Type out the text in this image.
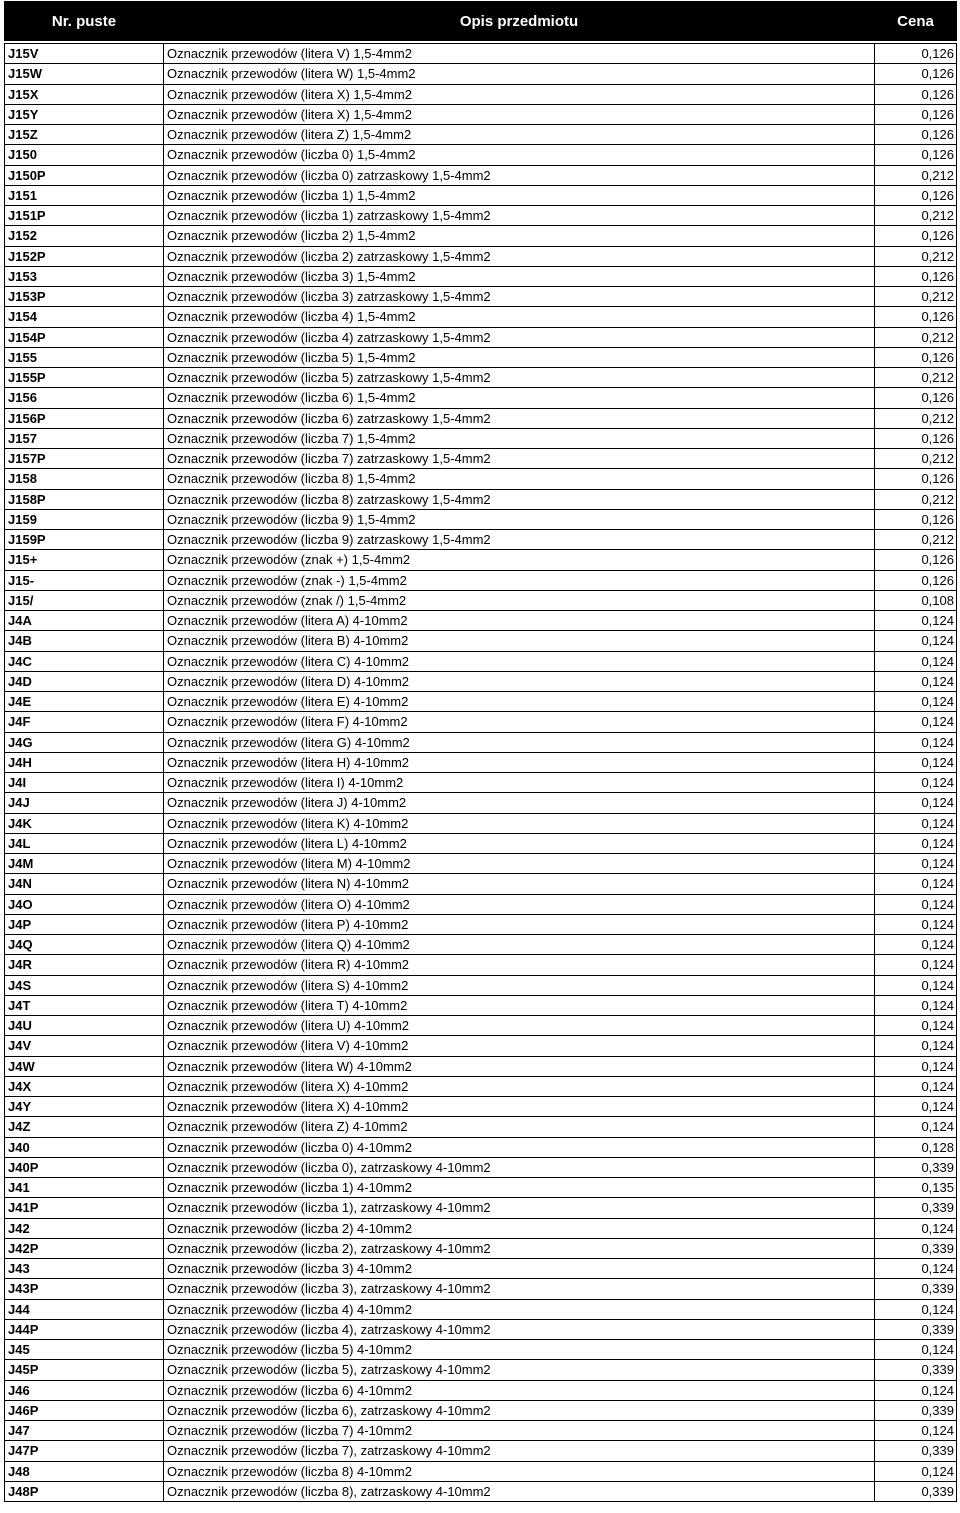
Nr. puste	Opis przedmiotu	Cena

J15V	Oznacznik przewodów (litera V) 1,5-4mm2	0,126
J15W	Oznacznik przewodów (litera W) 1,5-4mm2	0,126
J15X	Oznacznik przewodów (litera X) 1,5-4mm2	0,126
J15Y	Oznacznik przewodów (litera X) 1,5-4mm2	0,126
J15Z	Oznacznik przewodów (litera Z) 1,5-4mm2	0,126
J150	Oznacznik przewodów (liczba 0) 1,5-4mm2	0,126
J150P	Oznacznik przewodów (liczba 0) zatrzaskowy 1,5-4mm2	0,212
J151	Oznacznik przewodów (liczba 1) 1,5-4mm2	0,126
J151P	Oznacznik przewodów (liczba 1) zatrzaskowy 1,5-4mm2	0,212
J152	Oznacznik przewodów (liczba 2) 1,5-4mm2	0,126
J152P	Oznacznik przewodów (liczba 2) zatrzaskowy 1,5-4mm2	0,212
J153	Oznacznik przewodów (liczba 3) 1,5-4mm2	0,126
J153P	Oznacznik przewodów (liczba 3) zatrzaskowy 1,5-4mm2	0,212
J154	Oznacznik przewodów (liczba 4) 1,5-4mm2	0,126
J154P	Oznacznik przewodów (liczba 4) zatrzaskowy 1,5-4mm2	0,212
J155	Oznacznik przewodów (liczba 5) 1,5-4mm2	0,126
J155P	Oznacznik przewodów (liczba 5) zatrzaskowy 1,5-4mm2	0,212
J156	Oznacznik przewodów (liczba 6) 1,5-4mm2	0,126
J156P	Oznacznik przewodów (liczba 6) zatrzaskowy 1,5-4mm2	0,212
J157	Oznacznik przewodów (liczba 7) 1,5-4mm2	0,126
J157P	Oznacznik przewodów (liczba 7) zatrzaskowy 1,5-4mm2	0,212
J158	Oznacznik przewodów (liczba 8) 1,5-4mm2	0,126
J158P	Oznacznik przewodów (liczba 8) zatrzaskowy 1,5-4mm2	0,212
J159	Oznacznik przewodów (liczba 9) 1,5-4mm2	0,126
J159P	Oznacznik przewodów (liczba 9) zatrzaskowy 1,5-4mm2	0,212
J15+	Oznacznik przewodów (znak +) 1,5-4mm2	0,126
J15-	Oznacznik przewodów (znak -) 1,5-4mm2	0,126
J15/	Oznacznik przewodów (znak /) 1,5-4mm2	0,108
J4A	Oznacznik przewodów (litera A) 4-10mm2	0,124
J4B	Oznacznik przewodów (litera B) 4-10mm2	0,124
J4C	Oznacznik przewodów (litera C) 4-10mm2	0,124
J4D	Oznacznik przewodów (litera D) 4-10mm2	0,124
J4E	Oznacznik przewodów (litera E) 4-10mm2	0,124
J4F	Oznacznik przewodów (litera F) 4-10mm2	0,124
J4G	Oznacznik przewodów (litera G) 4-10mm2	0,124
J4H	Oznacznik przewodów (litera H) 4-10mm2	0,124
J4I	Oznacznik przewodów (litera I) 4-10mm2	0,124
J4J	Oznacznik przewodów (litera J) 4-10mm2	0,124
J4K	Oznacznik przewodów (litera K) 4-10mm2	0,124
J4L	Oznacznik przewodów (litera L) 4-10mm2	0,124
J4M	Oznacznik przewodów (litera M) 4-10mm2	0,124
J4N	Oznacznik przewodów (litera N) 4-10mm2	0,124
J4O	Oznacznik przewodów (litera O) 4-10mm2	0,124
J4P	Oznacznik przewodów (litera P) 4-10mm2	0,124
J4Q	Oznacznik przewodów (litera Q) 4-10mm2	0,124
J4R	Oznacznik przewodów (litera R) 4-10mm2	0,124
J4S	Oznacznik przewodów (litera S) 4-10mm2	0,124
J4T	Oznacznik przewodów (litera T) 4-10mm2	0,124
J4U	Oznacznik przewodów (litera U) 4-10mm2	0,124
J4V	Oznacznik przewodów (litera V) 4-10mm2	0,124
J4W	Oznacznik przewodów (litera W) 4-10mm2	0,124
J4X	Oznacznik przewodów (litera X) 4-10mm2	0,124
J4Y	Oznacznik przewodów (litera X) 4-10mm2	0,124
J4Z	Oznacznik przewodów (litera Z) 4-10mm2	0,124
J40	Oznacznik przewodów (liczba 0) 4-10mm2	0,128
J40P	Oznacznik przewodów (liczba 0), zatrzaskowy 4-10mm2	0,339
J41	Oznacznik przewodów (liczba 1) 4-10mm2	0,135
J41P	Oznacznik przewodów (liczba 1), zatrzaskowy 4-10mm2	0,339
J42	Oznacznik przewodów (liczba 2) 4-10mm2	0,124
J42P	Oznacznik przewodów (liczba 2), zatrzaskowy 4-10mm2	0,339
J43	Oznacznik przewodów (liczba 3) 4-10mm2	0,124
J43P	Oznacznik przewodów (liczba 3), zatrzaskowy 4-10mm2	0,339
J44	Oznacznik przewodów (liczba 4) 4-10mm2	0,124
J44P	Oznacznik przewodów (liczba 4), zatrzaskowy 4-10mm2	0,339
J45	Oznacznik przewodów (liczba 5) 4-10mm2	0,124
J45P	Oznacznik przewodów (liczba 5), zatrzaskowy 4-10mm2	0,339
J46	Oznacznik przewodów (liczba 6) 4-10mm2	0,124
J46P	Oznacznik przewodów (liczba 6), zatrzaskowy 4-10mm2	0,339
J47	Oznacznik przewodów (liczba 7) 4-10mm2	0,124
J47P	Oznacznik przewodów (liczba 7), zatrzaskowy 4-10mm2	0,339
J48	Oznacznik przewodów (liczba 8) 4-10mm2	0,124
J48P	Oznacznik przewodów (liczba 8), zatrzaskowy 4-10mm2	0,339
